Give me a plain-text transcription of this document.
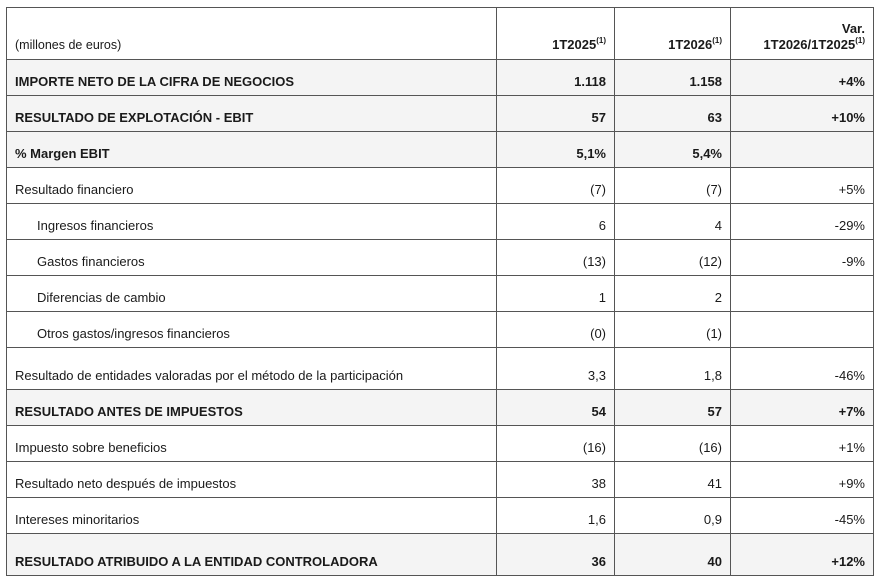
(millones de euros)	1T2025$^{(1)}$	1T2026$^{(1)}$	Var.
1T2026/1T2025$^{(1)}$
IMPORTE NETO DE LA CIFRA DE NEGOCIOS	1.118	1.158	+4%
RESULTADO DE EXPLOTACIÓN - EBIT	57	63	+10%
% Margen EBIT	5,1%	5,4%	
Resultado financiero	(7)	(7)	+5%
Ingresos financieros	6	4	-29%
Gastos financieros	(13)	(12)	-9%
Diferencias de cambio	1	2	
Otros gastos/ingresos financieros	(0)	(1)	
Resultado de entidades valoradas por el método de la participación	3,3	1,8	-46%
RESULTADO ANTES DE IMPUESTOS	54	57	+7%
Impuesto sobre beneficios	(16)	(16)	+1%
Resultado neto después de impuestos	38	41	+9%
Intereses minoritarios	1,6	0,9	-45%
RESULTADO ATRIBUIDO A LA ENTIDAD CONTROLADORA	36	40	+12%
